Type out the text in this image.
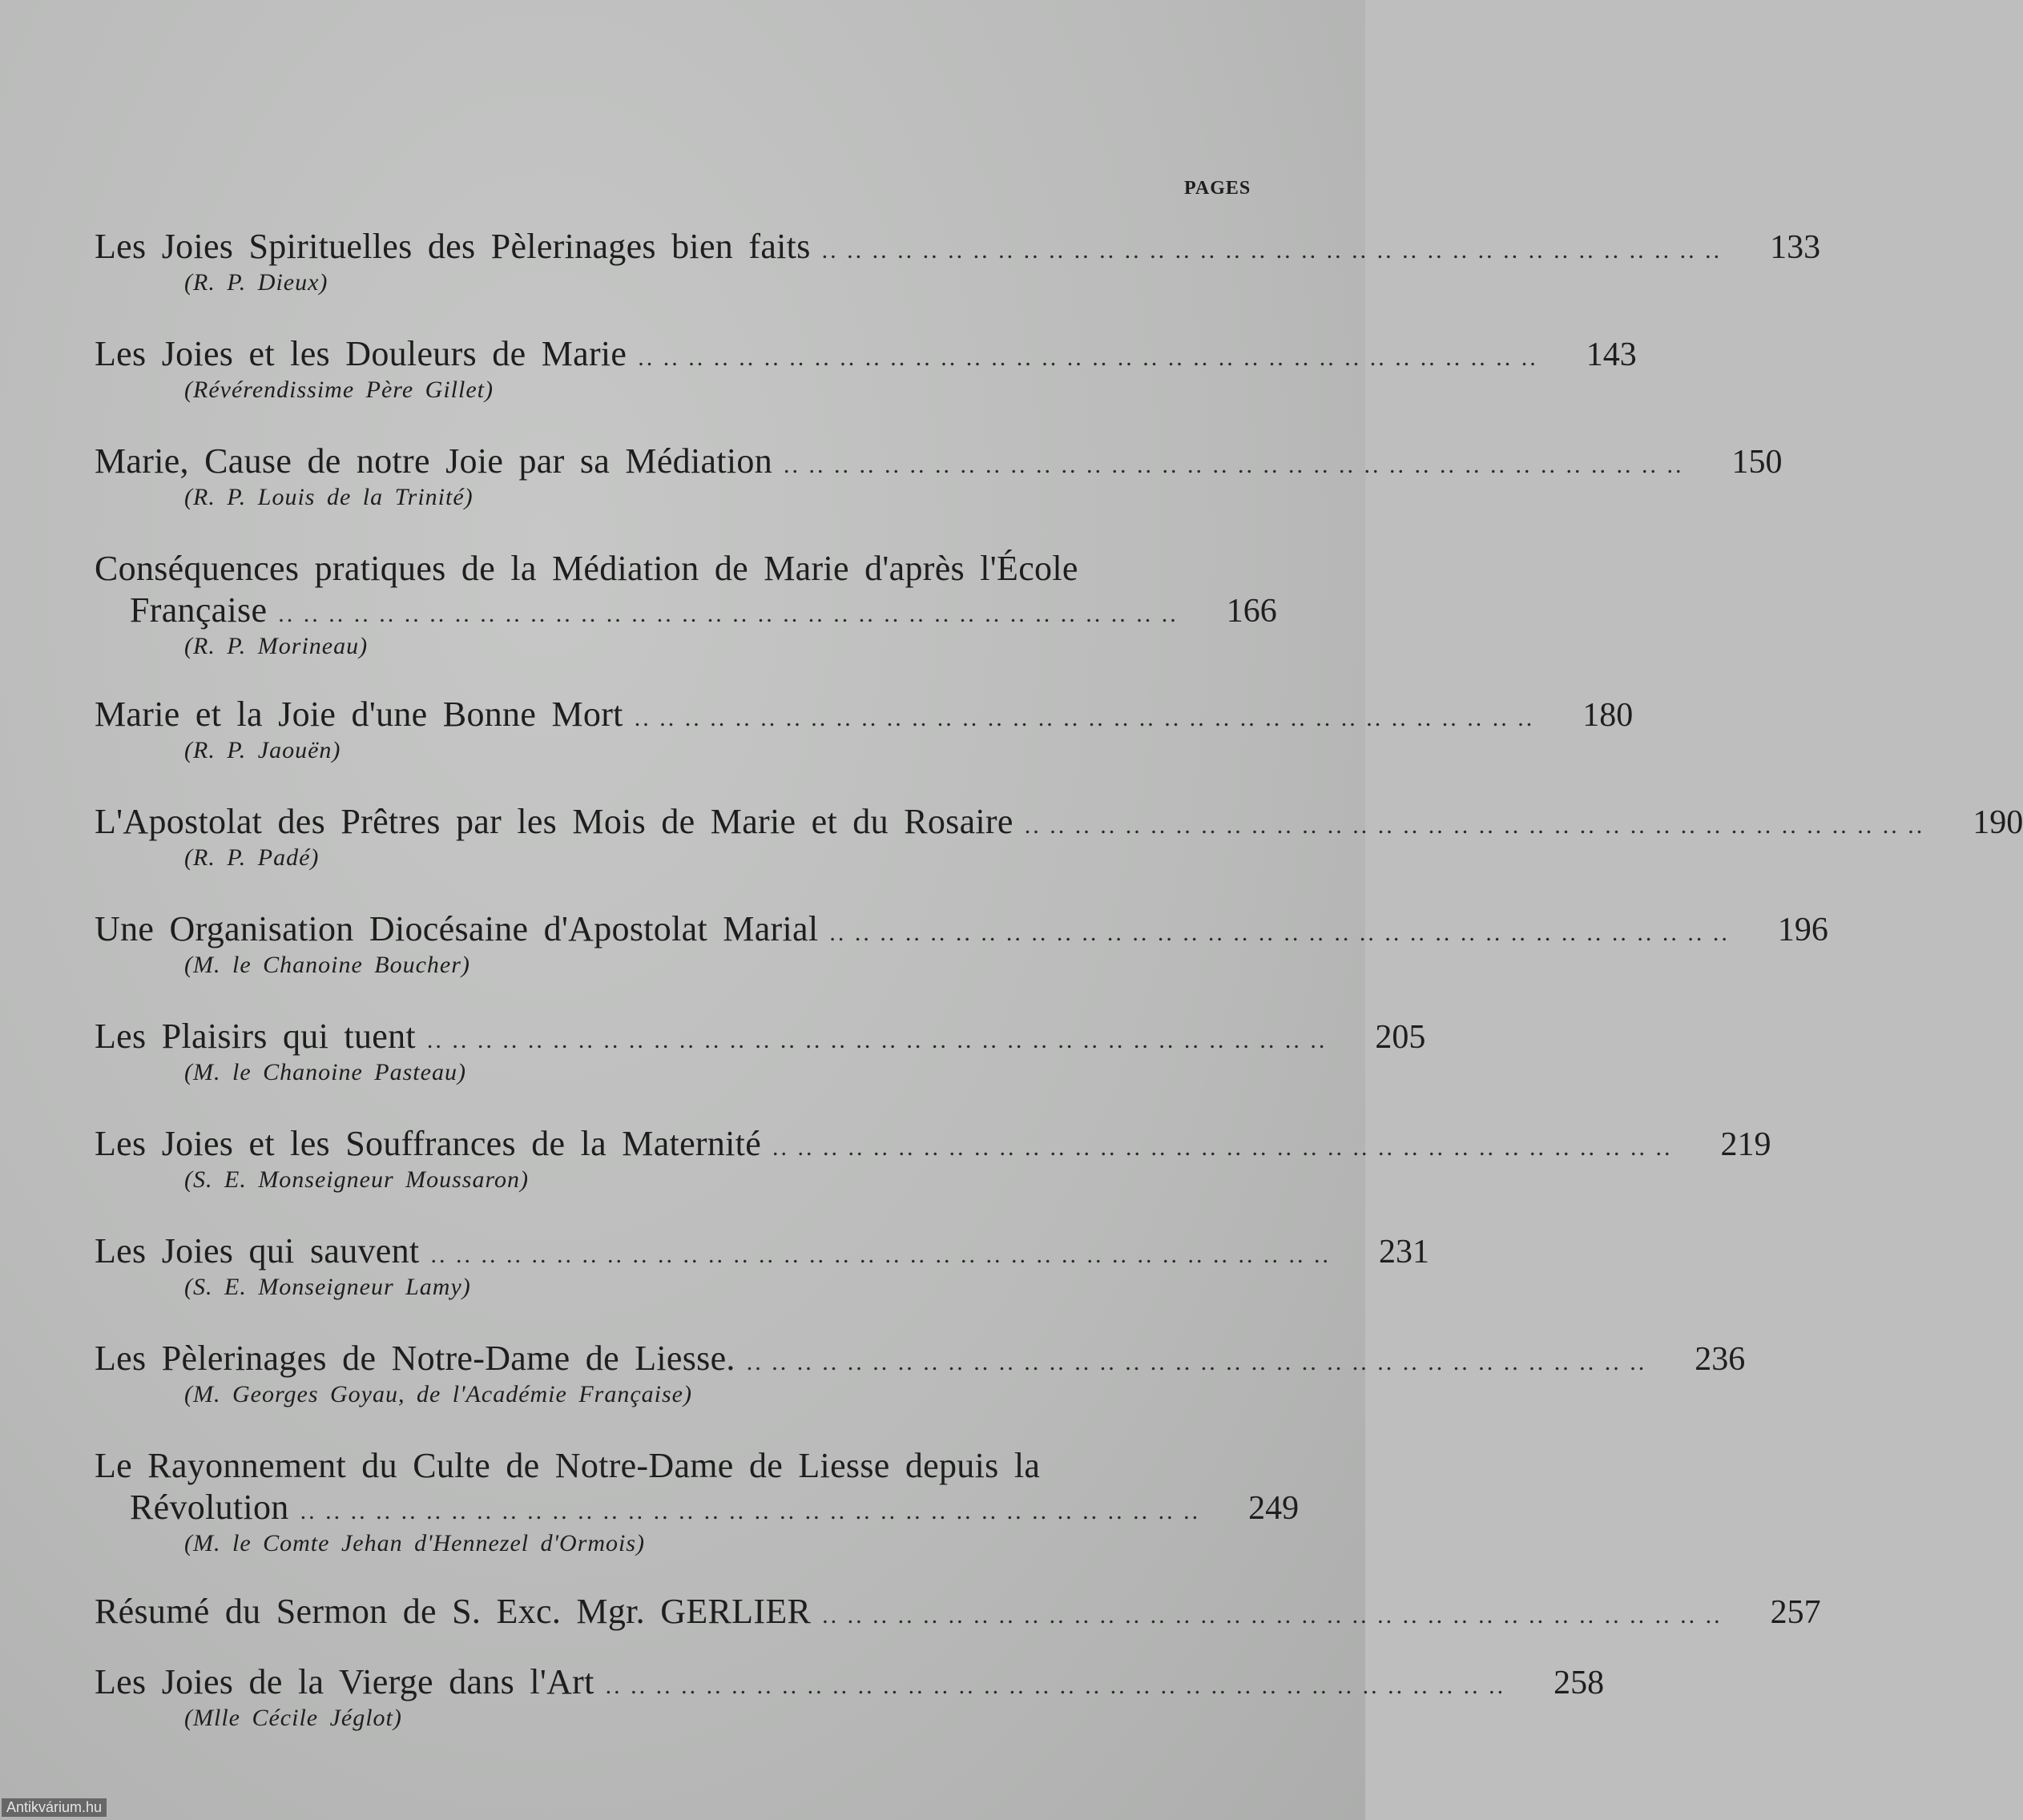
PAGES
Les Joies Spirituelles des Pèlerinages bien faits .. .. .. .. .. .. .. .. .. .. .. .. .. .. .. .. .. .. .. .. .. .. .. .. .. .. .. .. .. .. .. .. .. .. .. .. 133
(R. P. Dieux)
Les Joies et les Douleurs de Marie .. .. .. .. .. .. .. .. .. .. .. .. .. .. .. .. .. .. .. .. .. .. .. .. .. .. .. .. .. .. .. .. .. .. .. .. 143
(Révérendissime Père Gillet)
Marie, Cause de notre Joie par sa Médiation .. .. .. .. .. .. .. .. .. .. .. .. .. .. .. .. .. .. .. .. .. .. .. .. .. .. .. .. .. .. .. .. .. .. .. .. 150
(R. P. Louis de la Trinité)
Conséquences pratiques de la Médiation de Marie d'après l'École
Française .. .. .. .. .. .. .. .. .. .. .. .. .. .. .. .. .. .. .. .. .. .. .. .. .. .. .. .. .. .. .. .. .. .. .. .. 166
(R. P. Morineau)
Marie et la Joie d'une Bonne Mort .. .. .. .. .. .. .. .. .. .. .. .. .. .. .. .. .. .. .. .. .. .. .. .. .. .. .. .. .. .. .. .. .. .. .. .. 180
(R. P. Jaouën)
L'Apostolat des Prêtres par les Mois de Marie et du Rosaire .. .. .. .. .. .. .. .. .. .. .. .. .. .. .. .. .. .. .. .. .. .. .. .. .. .. .. .. .. .. .. .. .. .. .. .. 190
(R. P. Padé)
Une Organisation Diocésaine d'Apostolat Marial .. .. .. .. .. .. .. .. .. .. .. .. .. .. .. .. .. .. .. .. .. .. .. .. .. .. .. .. .. .. .. .. .. .. .. .. 196
(M. le Chanoine Boucher)
Les Plaisirs qui tuent .. .. .. .. .. .. .. .. .. .. .. .. .. .. .. .. .. .. .. .. .. .. .. .. .. .. .. .. .. .. .. .. .. .. .. .. 205
(M. le Chanoine Pasteau)
Les Joies et les Souffrances de la Maternité .. .. .. .. .. .. .. .. .. .. .. .. .. .. .. .. .. .. .. .. .. .. .. .. .. .. .. .. .. .. .. .. .. .. .. .. 219
(S. E. Monseigneur Moussaron)
Les Joies qui sauvent .. .. .. .. .. .. .. .. .. .. .. .. .. .. .. .. .. .. .. .. .. .. .. .. .. .. .. .. .. .. .. .. .. .. .. .. 231
(S. E. Monseigneur Lamy)
Les Pèlerinages de Notre-Dame de Liesse. .. .. .. .. .. .. .. .. .. .. .. .. .. .. .. .. .. .. .. .. .. .. .. .. .. .. .. .. .. .. .. .. .. .. .. .. 236
(M. Georges Goyau, de l'Académie Française)
Le Rayonnement du Culte de Notre-Dame de Liesse depuis la
Révolution .. .. .. .. .. .. .. .. .. .. .. .. .. .. .. .. .. .. .. .. .. .. .. .. .. .. .. .. .. .. .. .. .. .. .. .. 249
(M. le Comte Jehan d'Hennezel d'Ormois)
Résumé du Sermon de S. Exc. Mgr. GERLIER .. .. .. .. .. .. .. .. .. .. .. .. .. .. .. .. .. .. .. .. .. .. .. .. .. .. .. .. .. .. .. .. .. .. .. .. 257
Les Joies de la Vierge dans l'Art .. .. .. .. .. .. .. .. .. .. .. .. .. .. .. .. .. .. .. .. .. .. .. .. .. .. .. .. .. .. .. .. .. .. .. .. 258
(Mlle Cécile Jéglot)
Antikvárium.hu
